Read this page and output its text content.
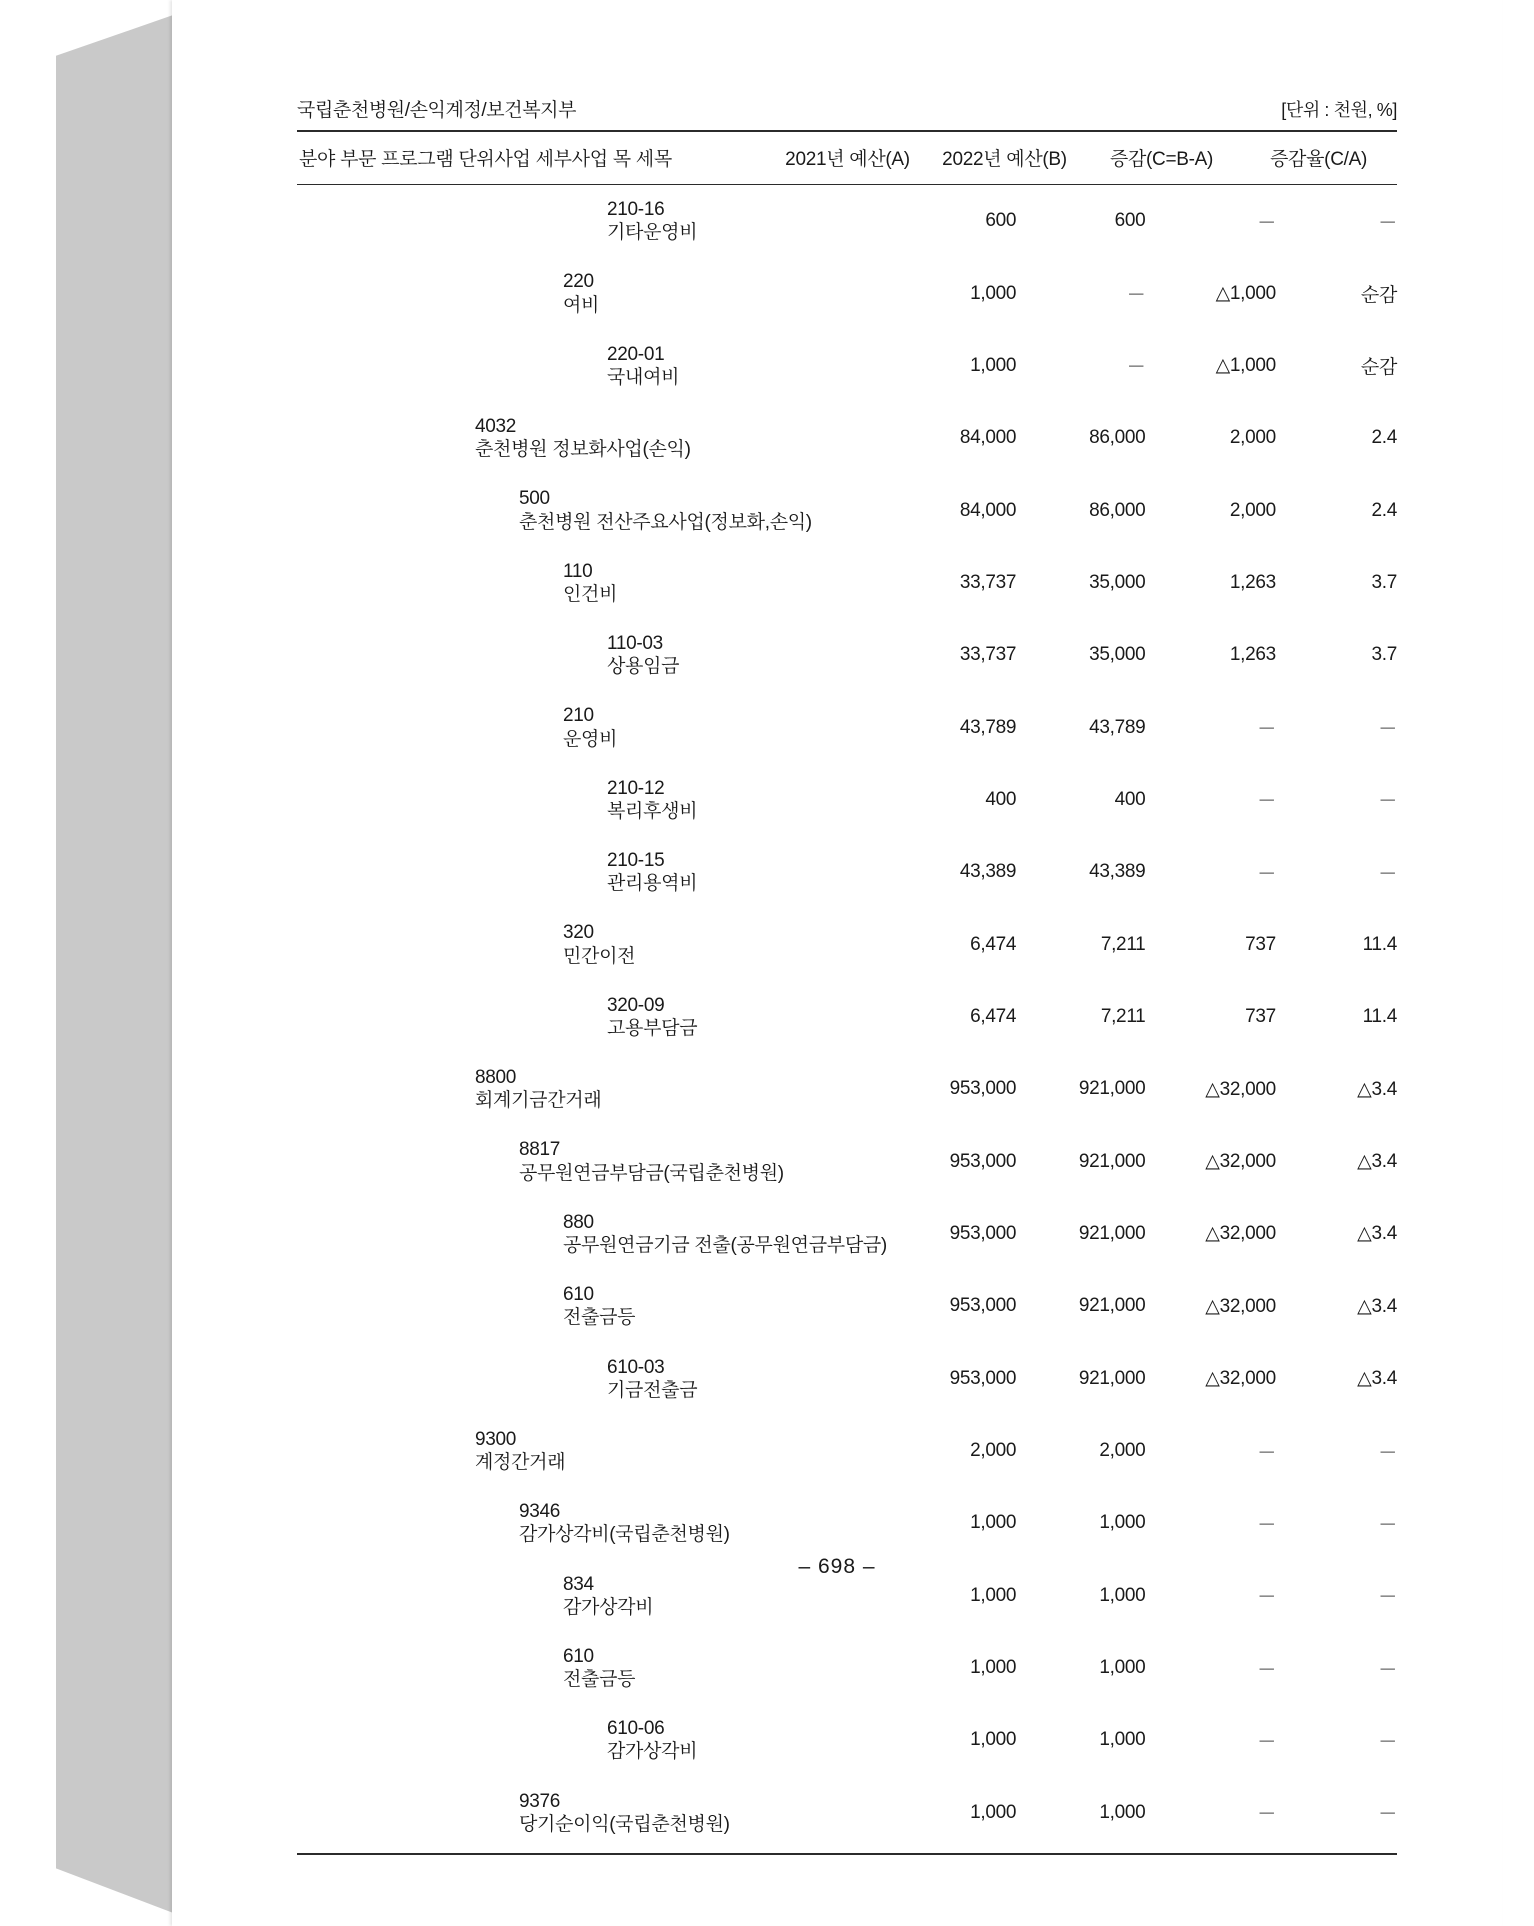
국립춘천병원/손익계정/보건복지부	[단위 : 천원, %]
분야 부문 프로그램 단위사업 세부사업 목 세목	2021년 예산(A)	2022년 예산(B)	증감(C=B-A)	증감율(C/A)
210-16
기타운영비	600	600	－	－

220
여비	1,000	－	△1,000	순감

220-01
국내여비	1,000	－	△1,000	순감

4032
춘천병원 정보화사업(손익)	84,000	86,000	2,000	2.4

500
춘천병원 전산주요사업(정보화,손익)	84,000	86,000	2,000	2.4

110
인건비	33,737	35,000	1,263	3.7

110-03
상용임금	33,737	35,000	1,263	3.7

210
운영비	43,789	43,789	－	－

210-12
복리후생비	400	400	－	－

210-15
관리용역비	43,389	43,389	－	－

320
민간이전	6,474	7,211	737	11.4

320-09
고용부담금	6,474	7,211	737	11.4

8800
회계기금간거래	953,000	921,000	△32,000	△3.4

8817
공무원연금부담금(국립춘천병원)	953,000	921,000	△32,000	△3.4

880
공무원연금기금 전출(공무원연금부담금)	953,000	921,000	△32,000	△3.4

610
전출금등	953,000	921,000	△32,000	△3.4

610-03
기금전출금	953,000	921,000	△32,000	△3.4

9300
계정간거래	2,000	2,000	－	－

9346
감가상각비(국립춘천병원)	1,000	1,000	－	－

834
감가상각비	1,000	1,000	－	－

610
전출금등	1,000	1,000	－	－

610-06
감가상각비	1,000	1,000	－	－

9376
당기순이익(국립춘천병원)	1,000	1,000	－	－
– 698 –
